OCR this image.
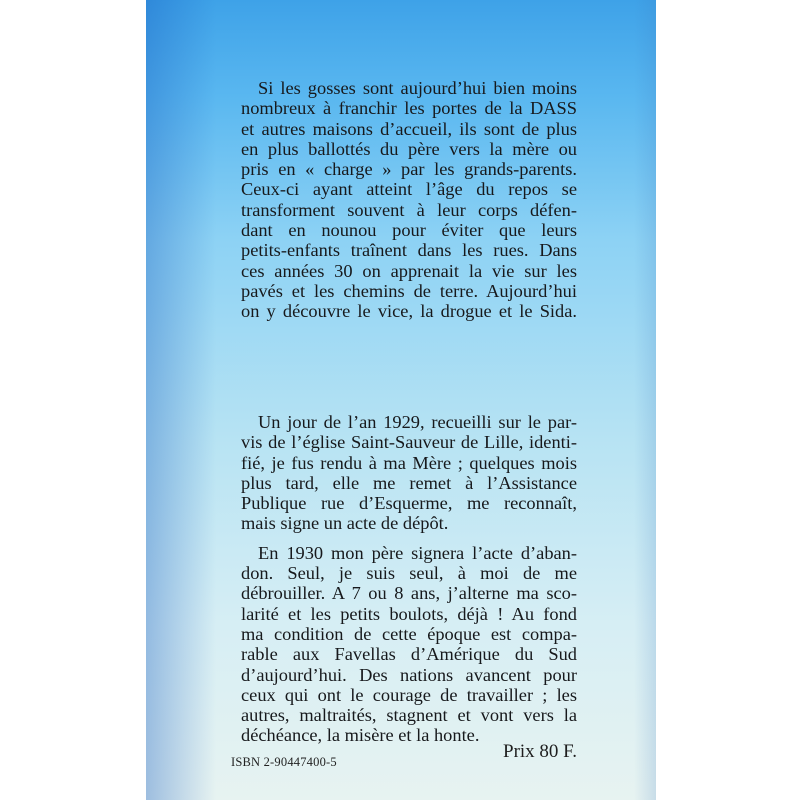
Si les gosses sont aujourd’hui bien moins
nombreux à franchir les portes de la DASS
et autres maisons d’accueil, ils sont de plus
en plus ballottés du père vers la mère ou
pris en « charge » par les grands-parents.
Ceux-ci ayant atteint l’âge du repos se
transforment souvent à leur corps défen-
dant en nounou pour éviter que leurs
petits-enfants traînent dans les rues. Dans
ces années 30 on apprenait la vie sur les
pavés et les chemins de terre. Aujourd’hui
on y découvre le vice, la drogue et le Sida.
Un jour de l’an 1929, recueilli sur le par-
vis de l’église Saint-Sauveur de Lille, identi-
fié, je fus rendu à ma Mère ; quelques mois
plus tard, elle me remet à l’Assistance
Publique rue d’Esquerme, me reconnaît,
mais signe un acte de dépôt.
En 1930 mon père signera l’acte d’aban-
don. Seul, je suis seul, à moi de me
débrouiller. A 7 ou 8 ans, j’alterne ma sco-
larité et les petits boulots, déjà ! Au fond
ma condition de cette époque est compa-
rable aux Favellas d’Amérique du Sud
d’aujourd’hui. Des nations avancent pour
ceux qui ont le courage de travailler ; les
autres, maltraités, stagnent et vont vers la
déchéance, la misère et la honte.
ISBN 2-90447400-5	Prix 80 F.
